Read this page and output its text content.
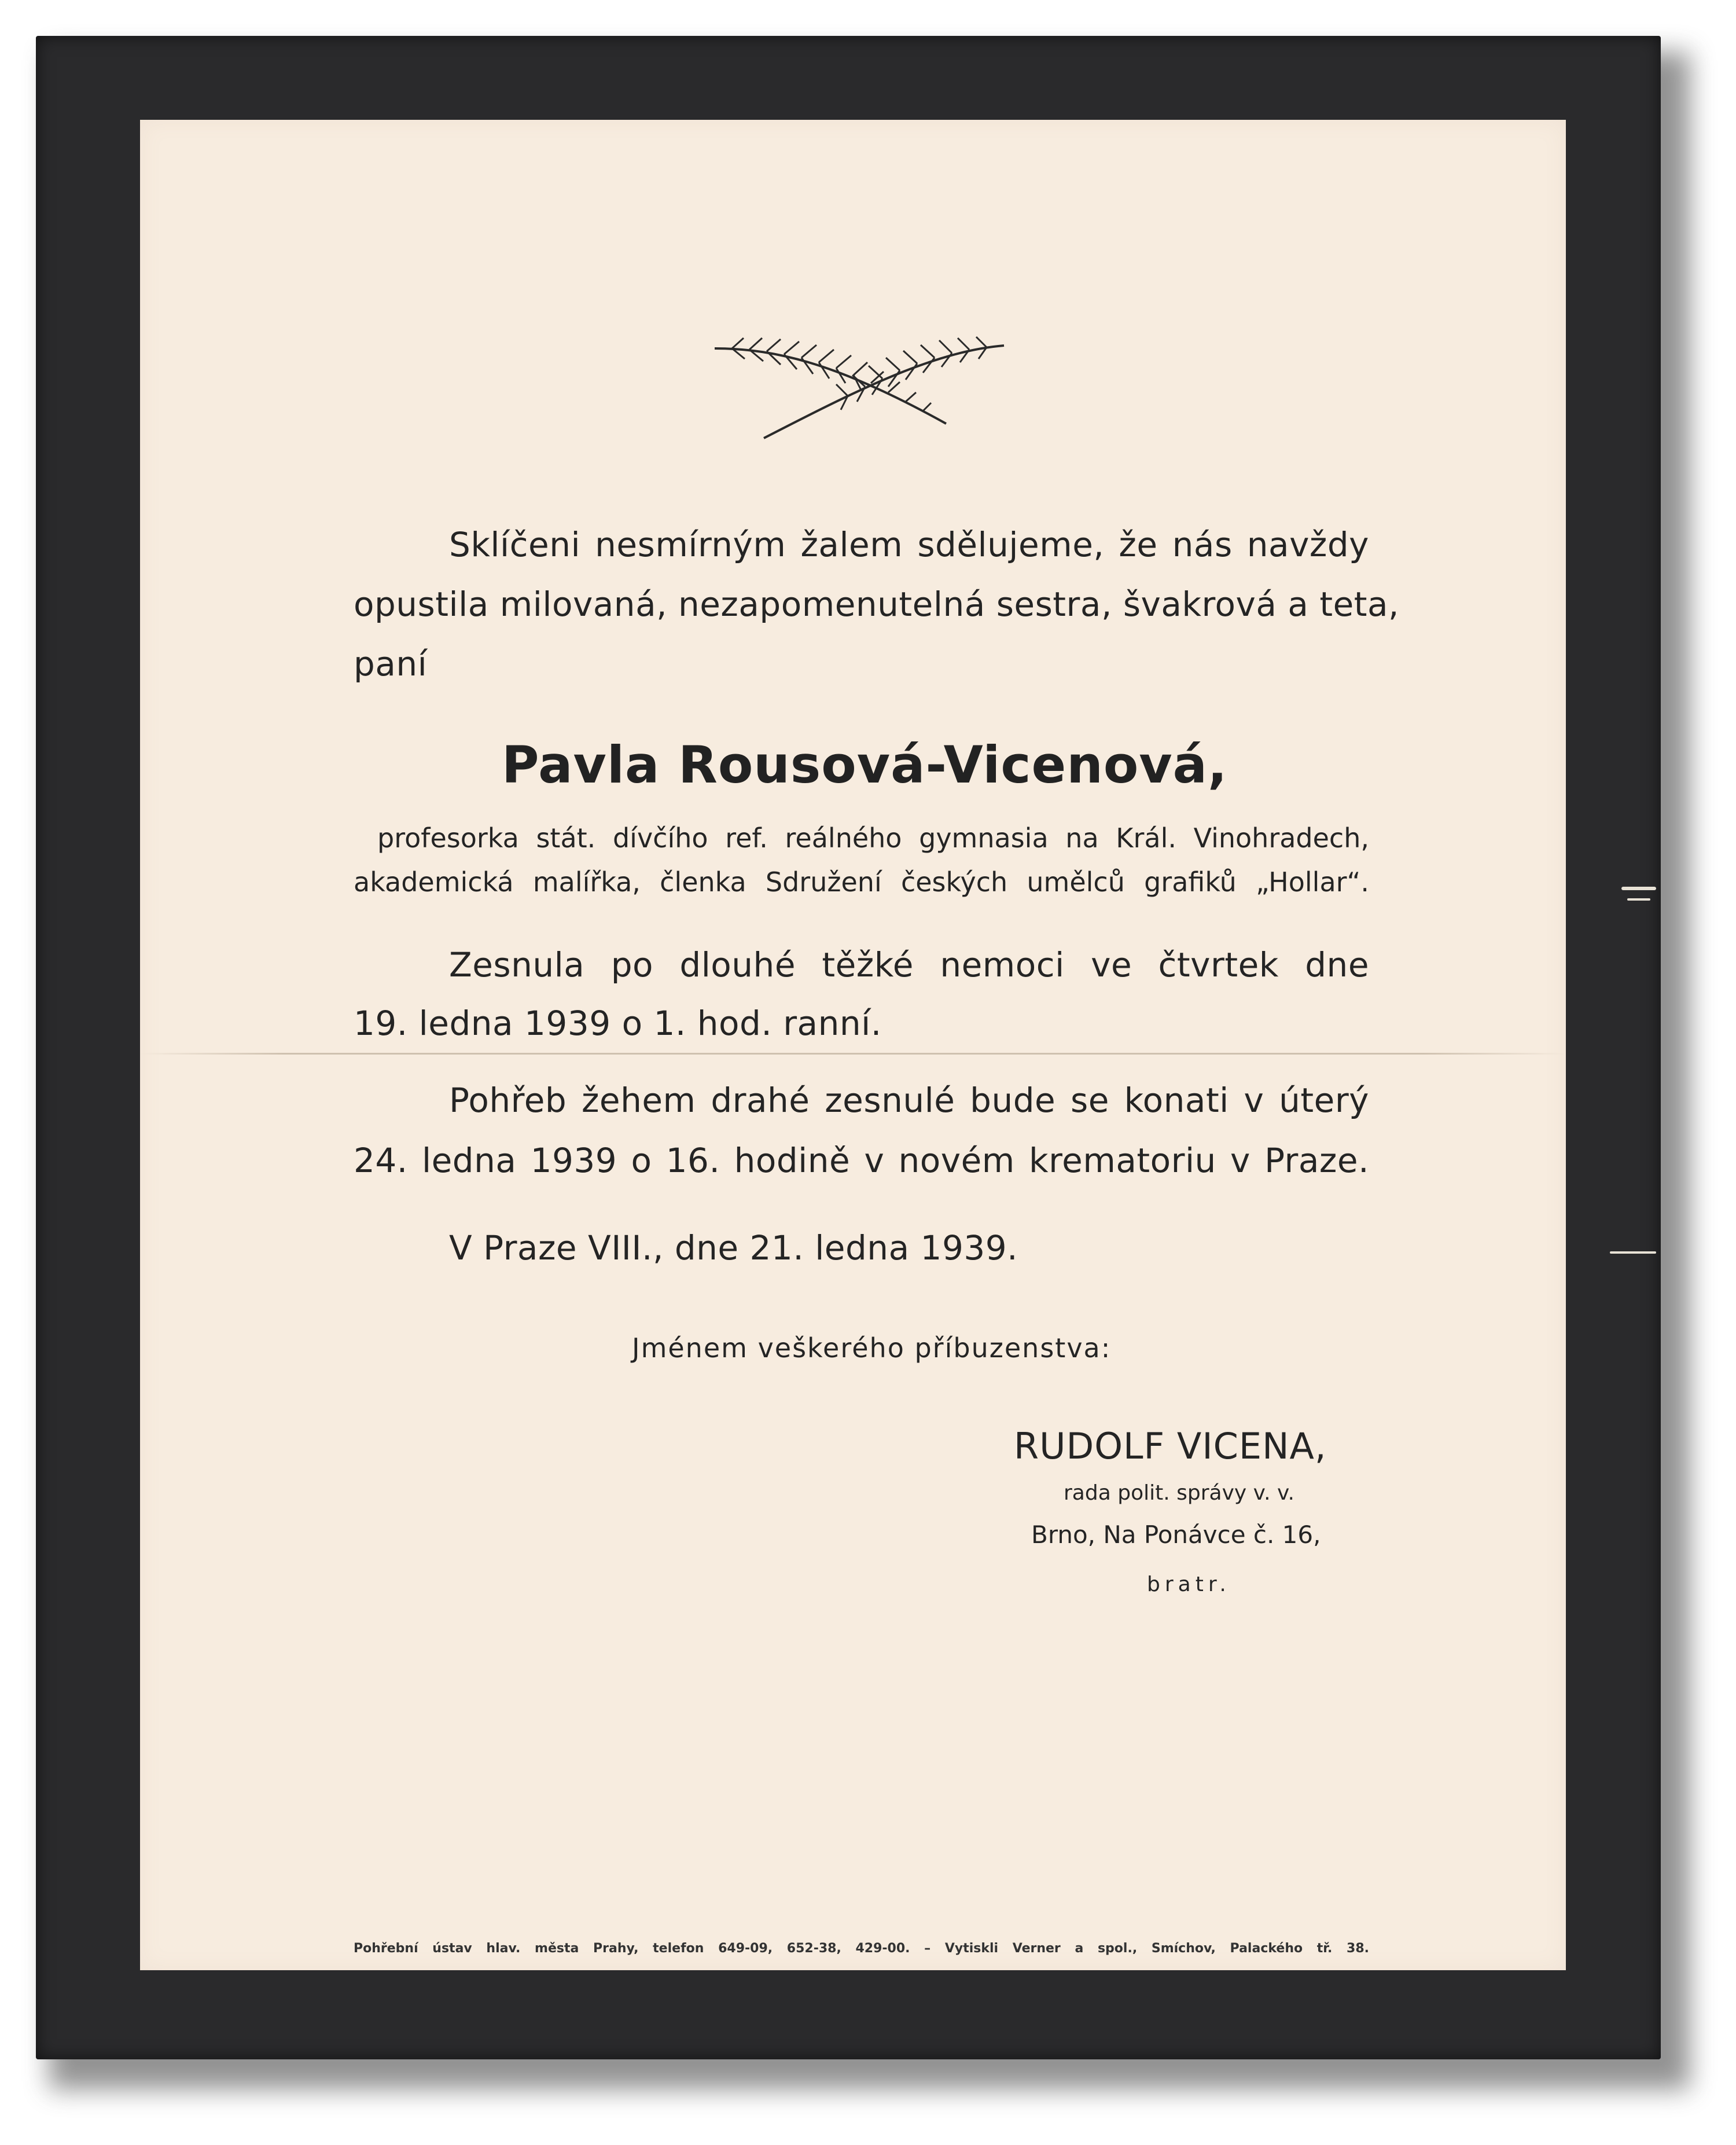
Sklíčeni nesmírným žalem sdělujeme, že nás navždy

opustila milovaná, nezapomenutelná sestra, švakrová a teta,

paní

Pavla Rousová-Vicenová,

profesorka stát. dívčího ref. reálného gymnasia na Král. Vinohradech,

akademická malířka, členka Sdružení českých umělců grafiků „Hollar“.

Zesnula po dlouhé těžké nemoci ve čtvrtek dne

19. ledna 1939 o 1. hod. ranní.

Pohřeb žehem drahé zesnulé bude se konati v úterý

24. ledna 1939 o 16. hodině v novém krematoriu v Praze.

V Praze VIII., dne 21. ledna 1939.

Jménem veškerého příbuzenstva:

RUDOLF VICENA,

rada polit. správy v. v.

Brno, Na Ponávce č. 16,

bratr.

Pohřební ústav hlav. města Prahy, telefon 649-09, 652-38, 429-00. – Vytiskli Verner a spol., Smíchov, Palackého tř. 38.
